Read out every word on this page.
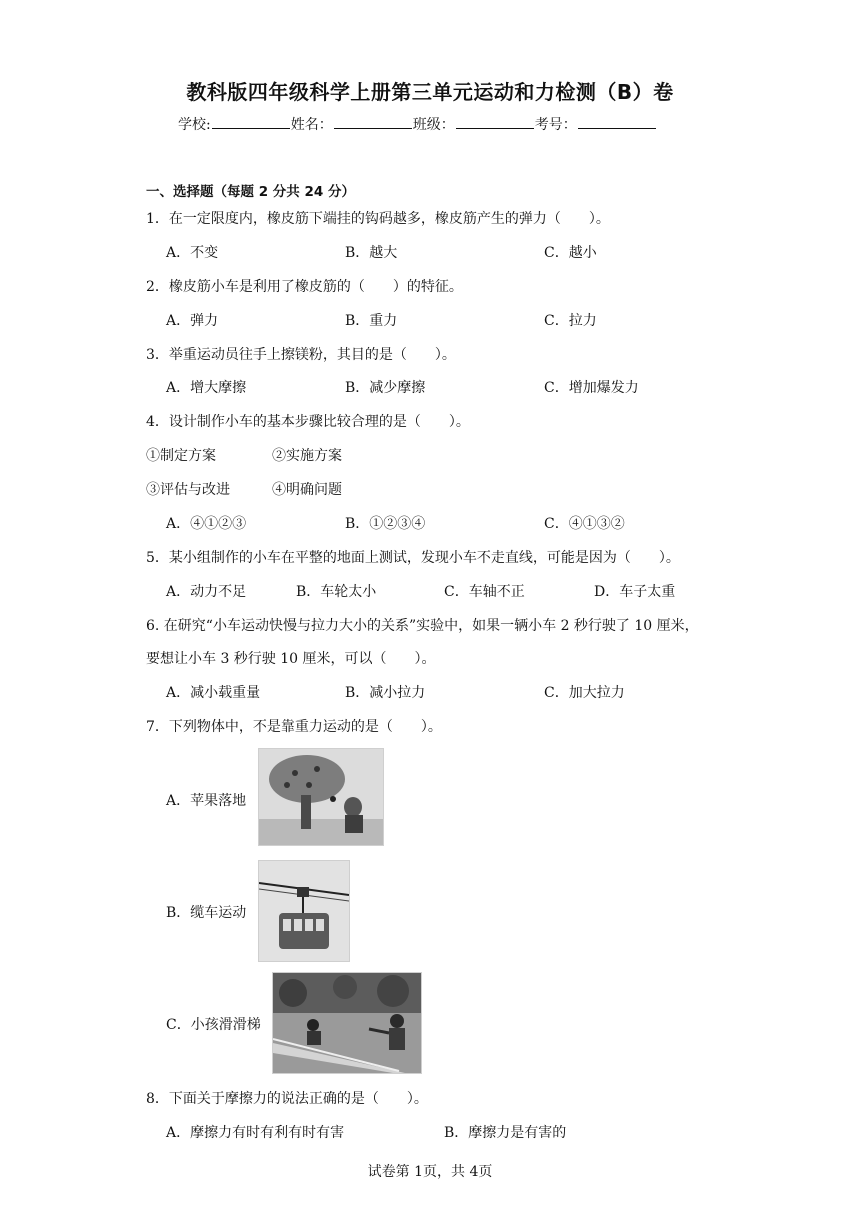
教科版四年级科学上册第三单元运动和力检测（B）卷
学校:	姓名：	班级：	考号：
一、选择题（每题 2 分共 24 分）
1．在一定限度内，橡皮筋下端挂的钩码越多，橡皮筋产生的弹力（　　）。
A．不变	B．越大	C．越小
2．橡皮筋小车是利用了橡皮筋的（　　）的特征。
A．弹力	B．重力	C．拉力
3．举重运动员往手上擦镁粉，其目的是（　　）。
A．增大摩擦	B．减少摩擦	C．增加爆发力
4．设计制作小车的基本步骤比较合理的是（　　）。
①制定方案	②实施方案
③评估与改进	④明确问题
A．④①②③	B．①②③④	C．④①③②
5．某小组制作的小车在平整的地面上测试，发现小车不走直线，可能是因为（　　）。
A．动力不足	B．车轮太小	C．车轴不正	D．车子太重
6. 在研究“小车运动快慢与拉力大小的关系”实验中，如果一辆小车 2 秒行驶了 10 厘米，
要想让小车 3 秒行驶 10 厘米，可以（　　）。
A．减小载重量	B．减小拉力	C．加大拉力
7．下列物体中，不是靠重力运动的是（　　）。
A．苹果落地
B．缆车运动
C．小孩滑滑梯
8．下面关于摩擦力的说法正确的是（　　）。
A．摩擦力有时有利有时有害	B．摩擦力是有害的
试卷第 1页，共 4页
